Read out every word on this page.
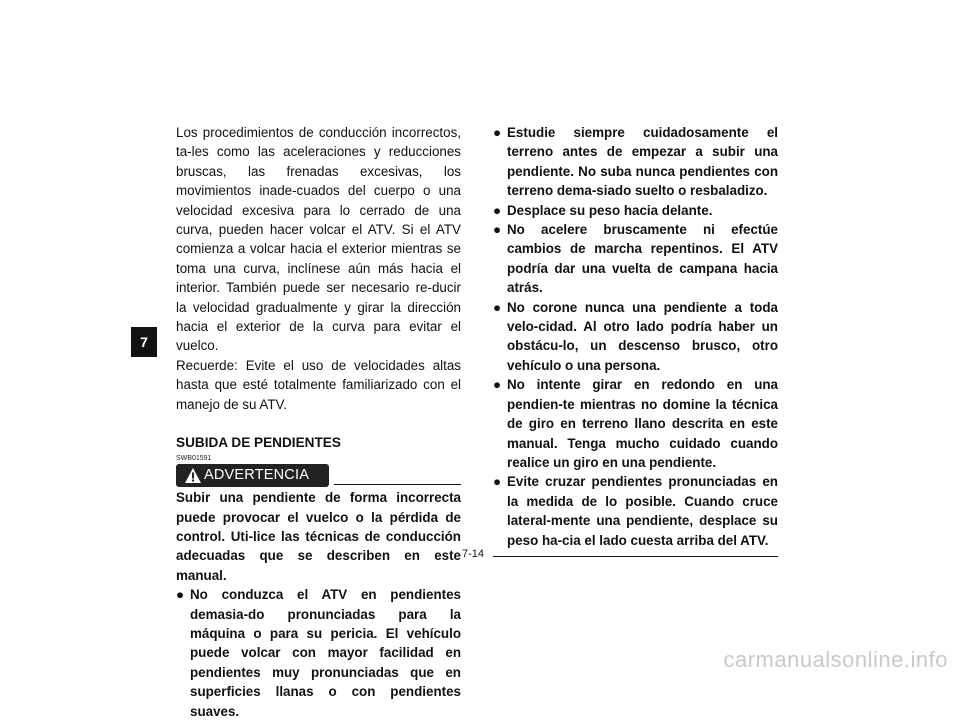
7

Los procedimientos de conducción incorrectos, ta-les como las aceleraciones y reducciones bruscas, las frenadas excesivas, los movimientos inade-cuados del cuerpo o una velocidad excesiva para lo cerrado de una curva, pueden hacer volcar el ATV. Si el ATV comienza a volcar hacia el exterior mientras se toma una curva, inclínese aún más hacia el interior. También puede ser necesario re-ducir la velocidad gradualmente y girar la dirección hacia el exterior de la curva para evitar el vuelco.

Recuerde: Evite el uso de velocidades altas hasta que esté totalmente familiarizado con el manejo de su ATV.

SUBIDA DE PENDIENTES
SWB01591
ADVERTENCIA

Subir una pendiente de forma incorrecta puede provocar el vuelco o la pérdida de control. Uti-lice las técnicas de conducción adecuadas que se describen en este manual.

● No conduzca el ATV en pendientes demasia-do pronunciadas para la máquina o para su pericia. El vehículo puede volcar con mayor facilidad en pendientes muy pronunciadas que en superficies llanas o con pendientes suaves.
● Estudie siempre cuidadosamente el terreno antes de empezar a subir una pendiente. No suba nunca pendientes con terreno dema-siado suelto o resbaladizo.
● Desplace su peso hacia delante.
● No acelere bruscamente ni efectúe cambios de marcha repentinos. El ATV podría dar una vuelta de campana hacia atrás.
● No corone nunca una pendiente a toda velo-cidad. Al otro lado podría haber un obstácu-lo, un descenso brusco, otro vehículo o una persona.
● No intente girar en redondo en una pendien-te mientras no domine la técnica de giro en terreno llano descrita en este manual. Tenga mucho cuidado cuando realice un giro en una pendiente.
● Evite cruzar pendientes pronunciadas en la medida de lo posible. Cuando cruce lateral-mente una pendiente, desplace su peso ha-cia el lado cuesta arriba del ATV.
7-14
carmanualsonline.info
